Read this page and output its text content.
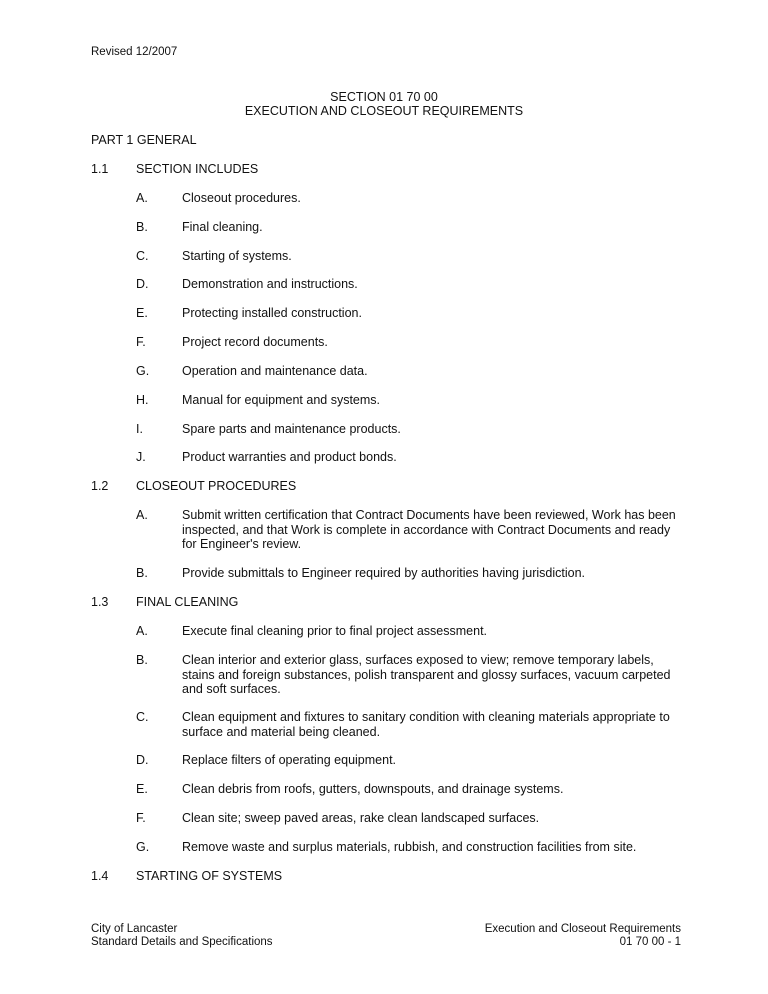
Revised 12/2007
SECTION 01 70 00
EXECUTION AND CLOSEOUT REQUIREMENTS
PART 1 GENERAL
1.1 SECTION INCLUDES
A.	Closeout procedures.
B.	Final cleaning.
C.	Starting of systems.
D.	Demonstration and instructions.
E.	Protecting installed construction.
F.	Project record documents.
G.	Operation and maintenance data.
H.	Manual for equipment and systems.
I.	Spare parts and maintenance products.
J.	Product warranties and product bonds.
1.2 CLOSEOUT PROCEDURES
A.	Submit written certification that Contract Documents have been reviewed, Work has been inspected, and that Work is complete in accordance with Contract Documents and ready for Engineer's review.
B.	Provide submittals to Engineer required by authorities having jurisdiction.
1.3 FINAL CLEANING
A.	Execute final cleaning prior to final project assessment.
B.	Clean interior and exterior glass, surfaces exposed to view; remove temporary labels, stains and foreign substances, polish transparent and glossy surfaces, vacuum carpeted and soft surfaces.
C.	Clean equipment and fixtures to sanitary condition with cleaning materials appropriate to surface and material being cleaned.
D.	Replace filters of operating equipment.
E.	Clean debris from roofs, gutters, downspouts, and drainage systems.
F.	Clean site; sweep paved areas, rake clean landscaped surfaces.
G.	Remove waste and surplus materials, rubbish, and construction facilities from site.
1.4 STARTING OF SYSTEMS
City of Lancaster
Standard Details and Specifications
Execution and Closeout Requirements
01 70 00 - 1
